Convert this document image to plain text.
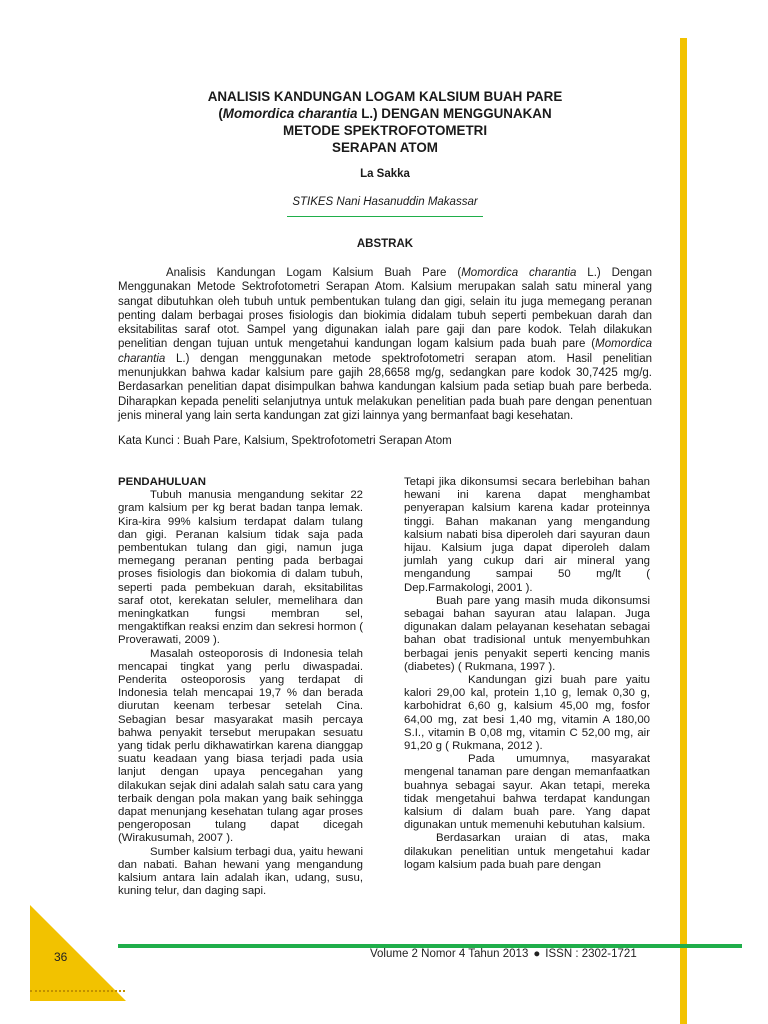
ANALISIS KANDUNGAN LOGAM KALSIUM BUAH PARE
(Momordica charantia L.) DENGAN MENGGUNAKAN
METODE SPEKTROFOTOMETRI
SERAPAN ATOM
La Sakka
STIKES Nani Hasanuddin Makassar
ABSTRAK

Analisis Kandungan Logam Kalsium Buah Pare (Momordica charantia L.) Dengan Menggunakan Metode Sektrofotometri Serapan Atom. Kalsium merupakan salah satu mineral yang sangat dibutuhkan oleh tubuh untuk pembentukan tulang dan gigi, selain itu juga memegang peranan penting dalam berbagai proses fisiologis dan biokimia didalam tubuh seperti pembekuan darah dan eksitabilitas saraf otot. Sampel yang digunakan ialah pare gaji dan pare kodok. Telah dilakukan penelitian dengan tujuan untuk mengetahui kandungan logam kalsium pada buah pare (Momordica charantia L.) dengan menggunakan metode spektrofotometri serapan atom. Hasil penelitian menunjukkan bahwa kadar kalsium pare gajih 28,6658 mg/g, sedangkan pare kodok 30,7425 mg/g. Berdasarkan penelitian dapat disimpulkan bahwa kandungan kalsium pada setiap buah pare berbeda. Diharapkan kepada peneliti selanjutnya untuk melakukan penelitian pada buah pare dengan penentuan jenis mineral yang lain serta kandungan zat gizi lainnya yang bermanfaat bagi kesehatan.

Kata Kunci : Buah Pare, Kalsium, Spektrofotometri Serapan Atom
PENDAHULUAN

Tubuh manusia mengandung sekitar 22 gram kalsium per kg berat badan tanpa lemak. Kira-kira 99% kalsium terdapat dalam tulang dan gigi. Peranan kalsium tidak saja pada pembentukan tulang dan gigi, namun juga memegang peranan penting pada berbagai proses fisiologis dan biokomia di dalam tubuh, seperti pada pembekuan darah, eksitabilitas saraf otot, kerekatan seluler, memelihara dan meningkatkan fungsi membran sel, mengaktifkan reaksi enzim dan sekresi hormon ( Proverawati, 2009 ).

Masalah osteoporosis di Indonesia telah mencapai tingkat yang perlu diwaspadai. Penderita osteoporosis yang terdapat di Indonesia telah mencapai 19,7 % dan berada diurutan keenam terbesar setelah Cina. Sebagian besar masyarakat masih percaya bahwa penyakit tersebut merupakan sesuatu yang tidak perlu dikhawatirkan karena dianggap suatu keadaan yang biasa terjadi pada usia lanjut dengan upaya pencegahan yang dilakukan sejak dini adalah salah satu cara yang terbaik dengan pola makan yang baik sehingga dapat menunjang kesehatan tulang agar proses pengeroposan tulang dapat dicegah (Wirakusumah, 2007 ).

Sumber kalsium terbagi dua, yaitu hewani dan nabati. Bahan hewani yang mengandung kalsium antara lain adalah ikan, udang, susu, kuning telur, dan daging sapi.

Tetapi jika dikonsumsi secara berlebihan bahan hewani ini karena dapat menghambat penyerapan kalsium karena kadar proteinnya tinggi. Bahan makanan yang mengandung kalsium nabati bisa diperoleh dari sayuran daun hijau. Kalsium juga dapat diperoleh dalam jumlah yang cukup dari air mineral yang mengandung sampai 50 mg/lt ( Dep.Farmakologi, 2001 ).

Buah pare yang masih muda dikonsumsi sebagai bahan sayuran atau lalapan. Juga digunakan dalam pelayanan kesehatan sebagai bahan obat tradisional untuk menyembuhkan berbagai jenis penyakit seperti kencing manis (diabetes) ( Rukmana, 1997 ).

Kandungan gizi buah pare yaitu kalori 29,00 kal, protein 1,10 g, lemak 0,30 g, karbohidrat 6,60 g, kalsium 45,00 mg, fosfor 64,00 mg, zat besi 1,40 mg, vitamin A 180,00 S.I., vitamin B 0,08 mg, vitamin C 52,00 mg, air 91,20 g ( Rukmana, 2012 ).

Pada umumnya, masyarakat mengenal tanaman pare dengan memanfaatkan buahnya sebagai sayur. Akan tetapi, mereka tidak mengetahui bahwa terdapat kandungan kalsium di dalam buah pare. Yang dapat digunakan untuk memenuhi kebutuhan kalsium.

Berdasarkan uraian di atas, maka dilakukan penelitian untuk mengetahui kadar logam kalsium pada buah pare dengan

36	Volume 2 Nomor 4 Tahun 2013 ● ISSN : 2302-1721
